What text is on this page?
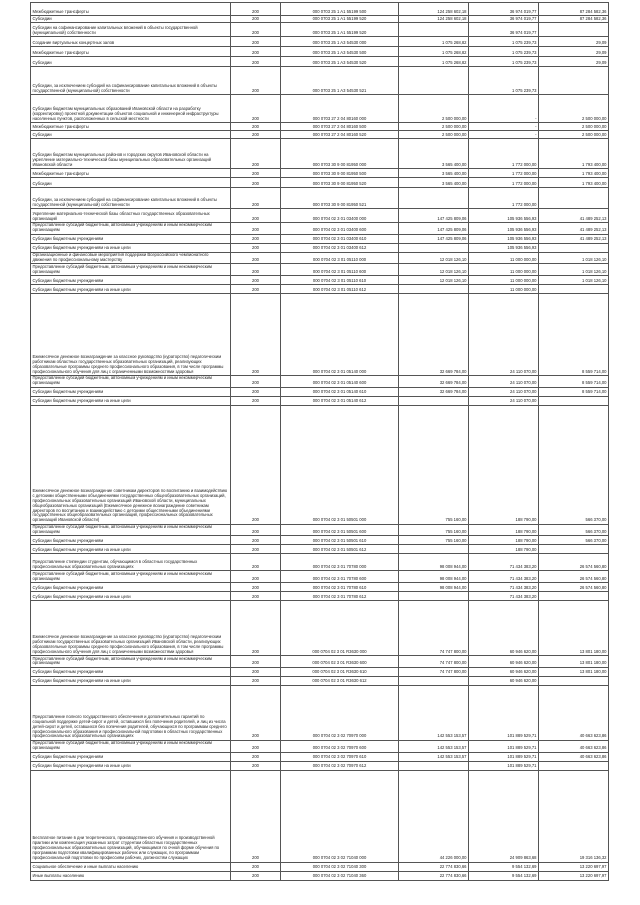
Межбюджетные трансферты	200	000 0703 25 1 A1 55199 500	124 258 602,18	36 974 019,77	87 284 582,36
Субсидии	200	000 0703 25 1 A1 55199 520	124 258 602,18	36 974 019,77	87 284 582,36
Субсидии на софинансирование капитальных вложений в объекты государственной (муниципальной) собственности	200	000 0703 25 1 A1 55199 520		36 974 019,77	
Создание виртуальных концертных залов	200	000 0703 25 1 A3 54530 000	1 075 268,82	1 075 239,73	29,09
Межбюджетные трансферты	200	000 0703 25 1 A3 54530 500	1 075 268,82	1 075 239,73	29,09
Субсидии	200	000 0703 25 1 A3 54530 520	1 075 268,82	1 075 239,73	29,09
Субсидии, за исключением субсидий на софинансирование капитальных вложений в объекты государственной (муниципальной) собственности	200	000 0703 25 1 A3 54530 521		1 075 239,73	
Субсидии бюджетам муниципальных образований Ивановской области на разработку (корректировку) проектной документации объектов социальной и инженерной инфраструктуры населенных пунктов, расположенных в сельской местности	200	000 0703 27 2 04 80160 000	2 500 000,00	-	2 500 000,00
Межбюджетные трансферты	200	000 0703 27 2 04 80160 500	2 500 000,00	-	2 500 000,00
Субсидии	200	000 0703 27 2 04 80160 520	2 500 000,00	-	2 500 000,00
Субсидии бюджетам муниципальных районов и городских округов Ивановской области на укрепление материально-технической базы муниципальных образовательных организаций Ивановской области	200	000 0703 30 9 00 81950 000	3 565 400,00	1 772 000,00	1 793 400,00
Межбюджетные трансферты	200	000 0703 30 9 00 81950 500	3 565 400,00	1 772 000,00	1 793 400,00
Субсидии	200	000 0703 30 9 00 81950 520	3 565 400,00	1 772 000,00	1 793 400,00
Субсидии, за исключением субсидий на софинансирование капитальных вложений в объекты государственной (муниципальной) собственности	200	000 0703 30 9 00 81950 521		1 772 000,00	
Укрепление материально-технической базы областных государственных образовательных организаций	200	000 0704 02 3 01 03400 000	147 425 809,06	105 936 556,93	41 489 252,13
Предоставление субсидий бюджетным, автономным учреждениям и иным некоммерческим организациям	200	000 0704 02 3 01 03400 600	147 425 809,06	105 936 556,93	41 489 252,13
Субсидии бюджетным учреждениям	200	000 0704 02 3 01 03400 610	147 425 809,06	105 936 556,93	41 489 252,13
Субсидии бюджетным учреждениям на иные цели	200	000 0704 02 3 01 03400 612		105 936 556,93	
Организационные и финансовые мероприятия поддержки Всероссийского чемпионатного движения по профессиональному мастерству	200	000 0704 02 3 01 05110 000	12 018 126,10	11 000 000,00	1 018 126,10
Предоставление субсидий бюджетным, автономным учреждениям и иным некоммерческим организациям	200	000 0704 02 3 01 05110 600	12 018 126,10	11 000 000,00	1 018 126,10
Субсидии бюджетным учреждениям	200	000 0704 02 3 01 05110 610	12 018 126,10	11 000 000,00	1 018 126,10
Субсидии бюджетным учреждениям на иные цели	200	000 0704 02 3 01 05110 612		11 000 000,00	
Ежемесячное денежное вознаграждение за классное руководство (кураторство) педагогическим работникам областных государственных образовательных организаций, реализующих образовательные программы среднего профессионального образования, в том числе программы профессионального обучения для лиц с ограниченными возможностями здоровья	200	000 0704 02 3 01 05140 000	32 669 784,00	24 110 070,00	8 559 714,00
Предоставление субсидий бюджетным, автономным учреждениям и иным некоммерческим организациям	200	000 0704 02 3 01 05140 600	32 669 784,00	24 110 070,00	8 559 714,00
Субсидии бюджетным учреждениям	200	000 0704 02 3 01 05140 610	32 669 784,00	24 110 070,00	8 559 714,00
Субсидии бюджетным учреждениям на иные цели	200	000 0704 02 3 01 05140 612		24 110 070,00	
Ежемесячное денежное вознаграждение советникам директоров по воспитанию и взаимодействию с детскими общественными объединениями государственных общеобразовательных организаций, профессиональных образовательных организаций Ивановской области, муниципальных общеобразовательных организаций (Ежемесячное денежное вознаграждение советникам директоров по воспитанию и взаимодействию с детскими общественными объединениями государственных общеобразовательных организаций, профессиональных образовательных организаций Ивановской области)	200	000 0704 02 3 01 50501 000	755 160,00	188 790,00	566 370,00
Предоставление субсидий бюджетным, автономным учреждениям и иным некоммерческим организациям	200	000 0704 02 3 01 50501 600	755 160,00	188 790,00	566 370,00
Субсидии бюджетным учреждениям	200	000 0704 02 3 01 50501 610	755 160,00	188 790,00	566 370,00
Субсидии бюджетным учреждениям на иные цели	200	000 0704 02 3 01 50501 612		188 790,00	
Предоставление стипендии студентам, обучающимся в областных государственных профессиональных образовательных организациях	200	000 0704 02 3 01 70780 000	98 008 944,00	71 434 383,20	26 574 560,80
Предоставление субсидий бюджетным, автономным учреждениям и иным некоммерческим организациям	200	000 0704 02 3 01 70780 600	98 008 944,00	71 434 383,20	26 574 560,80
Субсидии бюджетным учреждениям	200	000 0704 02 3 01 70780 610	98 008 944,00	71 434 383,20	26 574 560,80
Субсидии бюджетным учреждениям на иные цели	200	000 0704 02 3 01 70780 612		71 434 383,20	
Ежемесячное денежное вознаграждение за классное руководство (кураторство) педагогическим работникам государственных образовательных организаций Ивановской области, реализующих образовательные программы среднего профессионального образования, в том числе программы профессионального обучения для лиц с ограниченными возможностями здоровья	200	000 0704 02 3 01 R3630 000	74 747 800,00	60 946 620,00	13 801 180,00
Предоставление субсидий бюджетным, автономным учреждениям и иным некоммерческим организациям	200	000 0704 02 3 01 R3630 600	74 747 800,00	60 946 620,00	13 801 180,00
Субсидии бюджетным учреждениям	200	000 0704 02 3 01 R3630 610	74 747 800,00	60 946 620,00	13 801 180,00
Субсидии бюджетным учреждениям на иные цели	200	000 0704 02 3 01 R3630 612		60 946 620,00	
Предоставление полного государственного обеспечения и дополнительных гарантий по социальной поддержке детей-сирот и детей, оставшихся без попечения родителей, и лиц из числа детей-сирот и детей, оставшихся без попечения родителей, обучающихся по программам среднего профессионального образования и профессиональной подготовки в областных государственных профессиональных образовательных организациях	200	000 0704 02 3 02 70970 000	142 553 153,57	101 889 529,71	40 663 623,86
Предоставление субсидий бюджетным, автономным учреждениям и иным некоммерческим организациям	200	000 0704 02 3 02 70970 600	142 553 153,57	101 889 529,71	40 663 623,86
Субсидии бюджетным учреждениям	200	000 0704 02 3 02 70970 610	142 553 153,57	101 889 529,71	40 663 623,86
Субсидии бюджетным учреждениям на иные цели	200	000 0704 02 3 02 70970 612		101 889 529,71	
Бесплатное питание в дни теоретического, производственного обучения и производственной практики или компенсация указанных затрат студентам областных государственных профессиональных образовательных организаций, обучающимся по очной форме обучения по программам подготовки квалифицированных рабочих или служащих, по программам профессиональной подготовки по профессиям рабочих, должностям служащих	200	000 0704 02 3 02 71040 000	44 226 000,00	24 909 863,68	19 316 136,32
Социальное обеспечение и иные выплаты населению	200	000 0704 02 3 02 71040 300	22 774 830,66	9 554 132,69	13 220 697,97
Иные выплаты населению	200	000 0704 02 3 02 71040 360	22 774 830,66	9 554 132,69	13 220 697,97
